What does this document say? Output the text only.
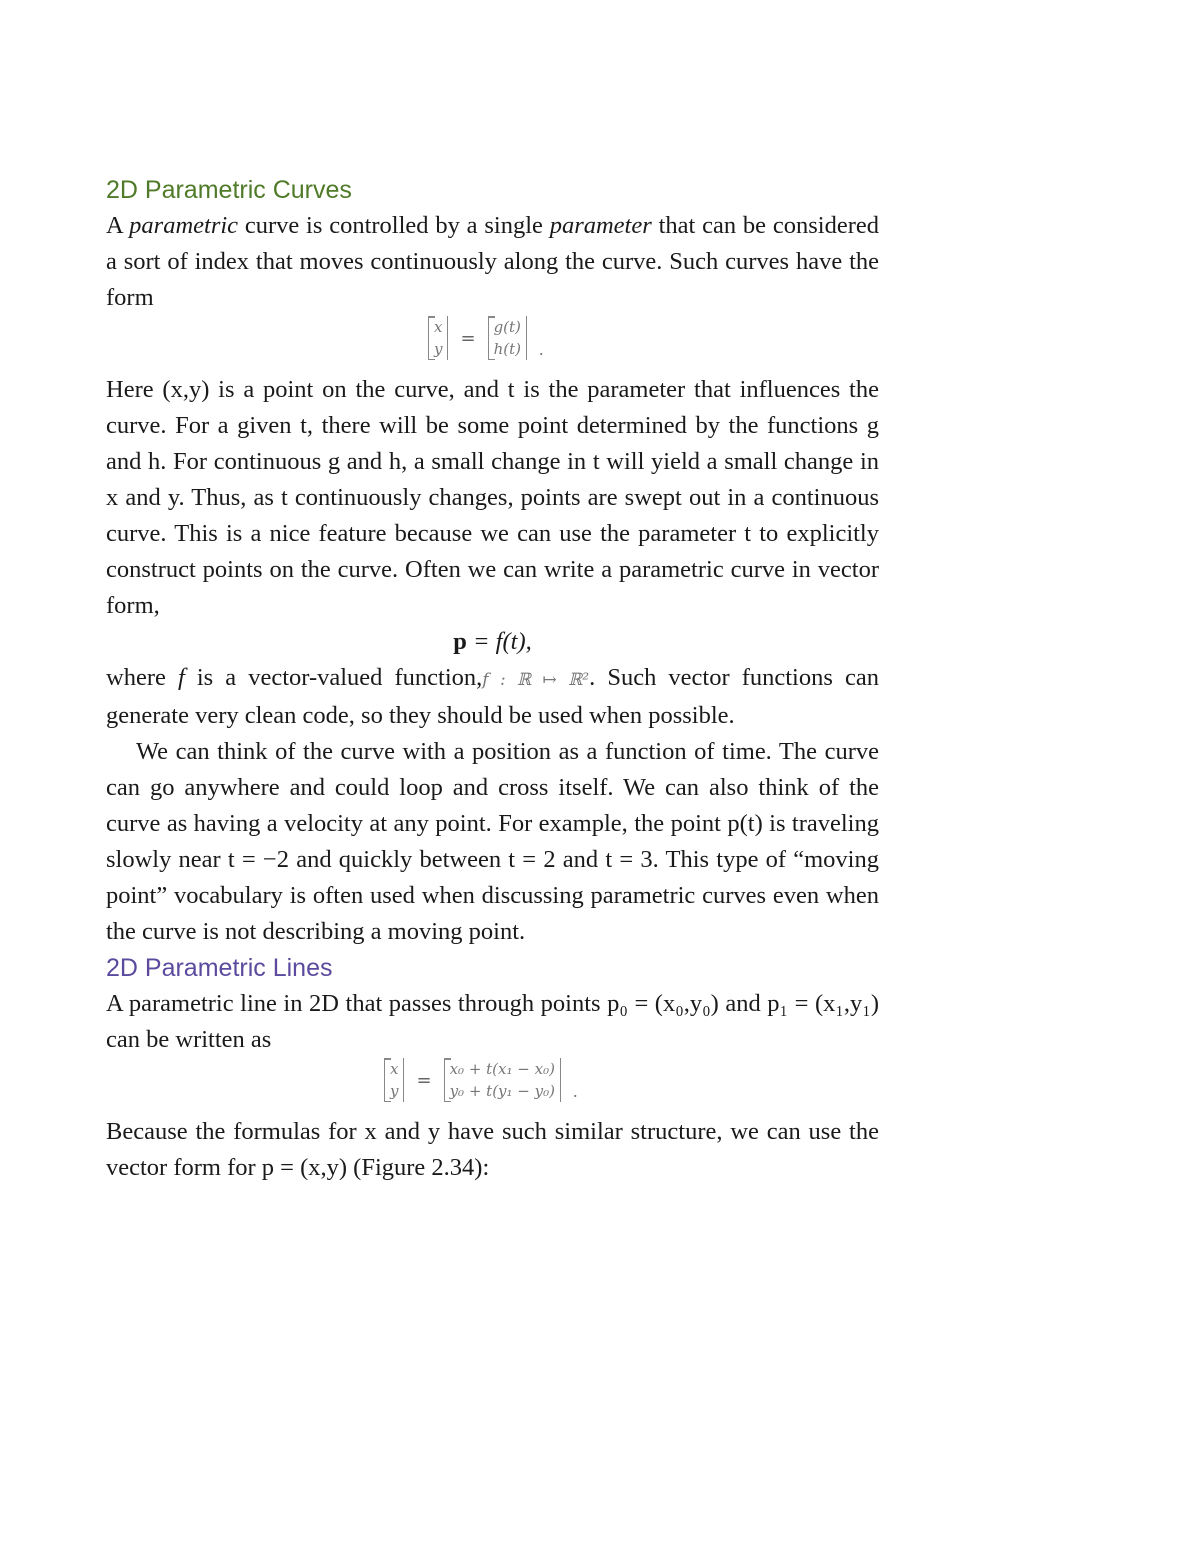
2D Parametric Curves

A parametric curve is controlled by a single parameter that can be considered a sort of index that moves continuously along the curve. Such curves have the form

x
y
=
g(t)
h(t) .

Here (x,y) is a point on the curve, and t is the parameter that influences the curve. For a given t, there will be some point determined by the functions g and h. For continuous g and h, a small change in t will yield a small change in x and y. Thus, as t continuously changes, points are swept out in a continuous curve. This is a nice feature because we can use the parameter t to explicitly construct points on the curve. Often we can write a parametric curve in vector form,

p = f(t),

where f is a vector-valued function,f : ℝ ↦ ℝ². Such vector functions can generate very clean code, so they should be used when possible.

We can think of the curve with a position as a function of time. The curve can go anywhere and could loop and cross itself. We can also think of the curve as having a velocity at any point. For example, the point p(t) is traveling slowly near t = −2 and quickly between t = 2 and t = 3. This type of “moving point” vocabulary is often used when discussing parametric curves even when the curve is not describing a moving point.

2D Parametric Lines

A parametric line in 2D that passes through points p₀ = (x₀,y₀) and p₁ = (x₁,y₁) can be written as

x
y
=
x₀ + t(x₁ − x₀)
y₀ + t(y₁ − y₀) .

Because the formulas for x and y have such similar structure, we can use the vector form for p = (x,y) (Figure 2.34):
